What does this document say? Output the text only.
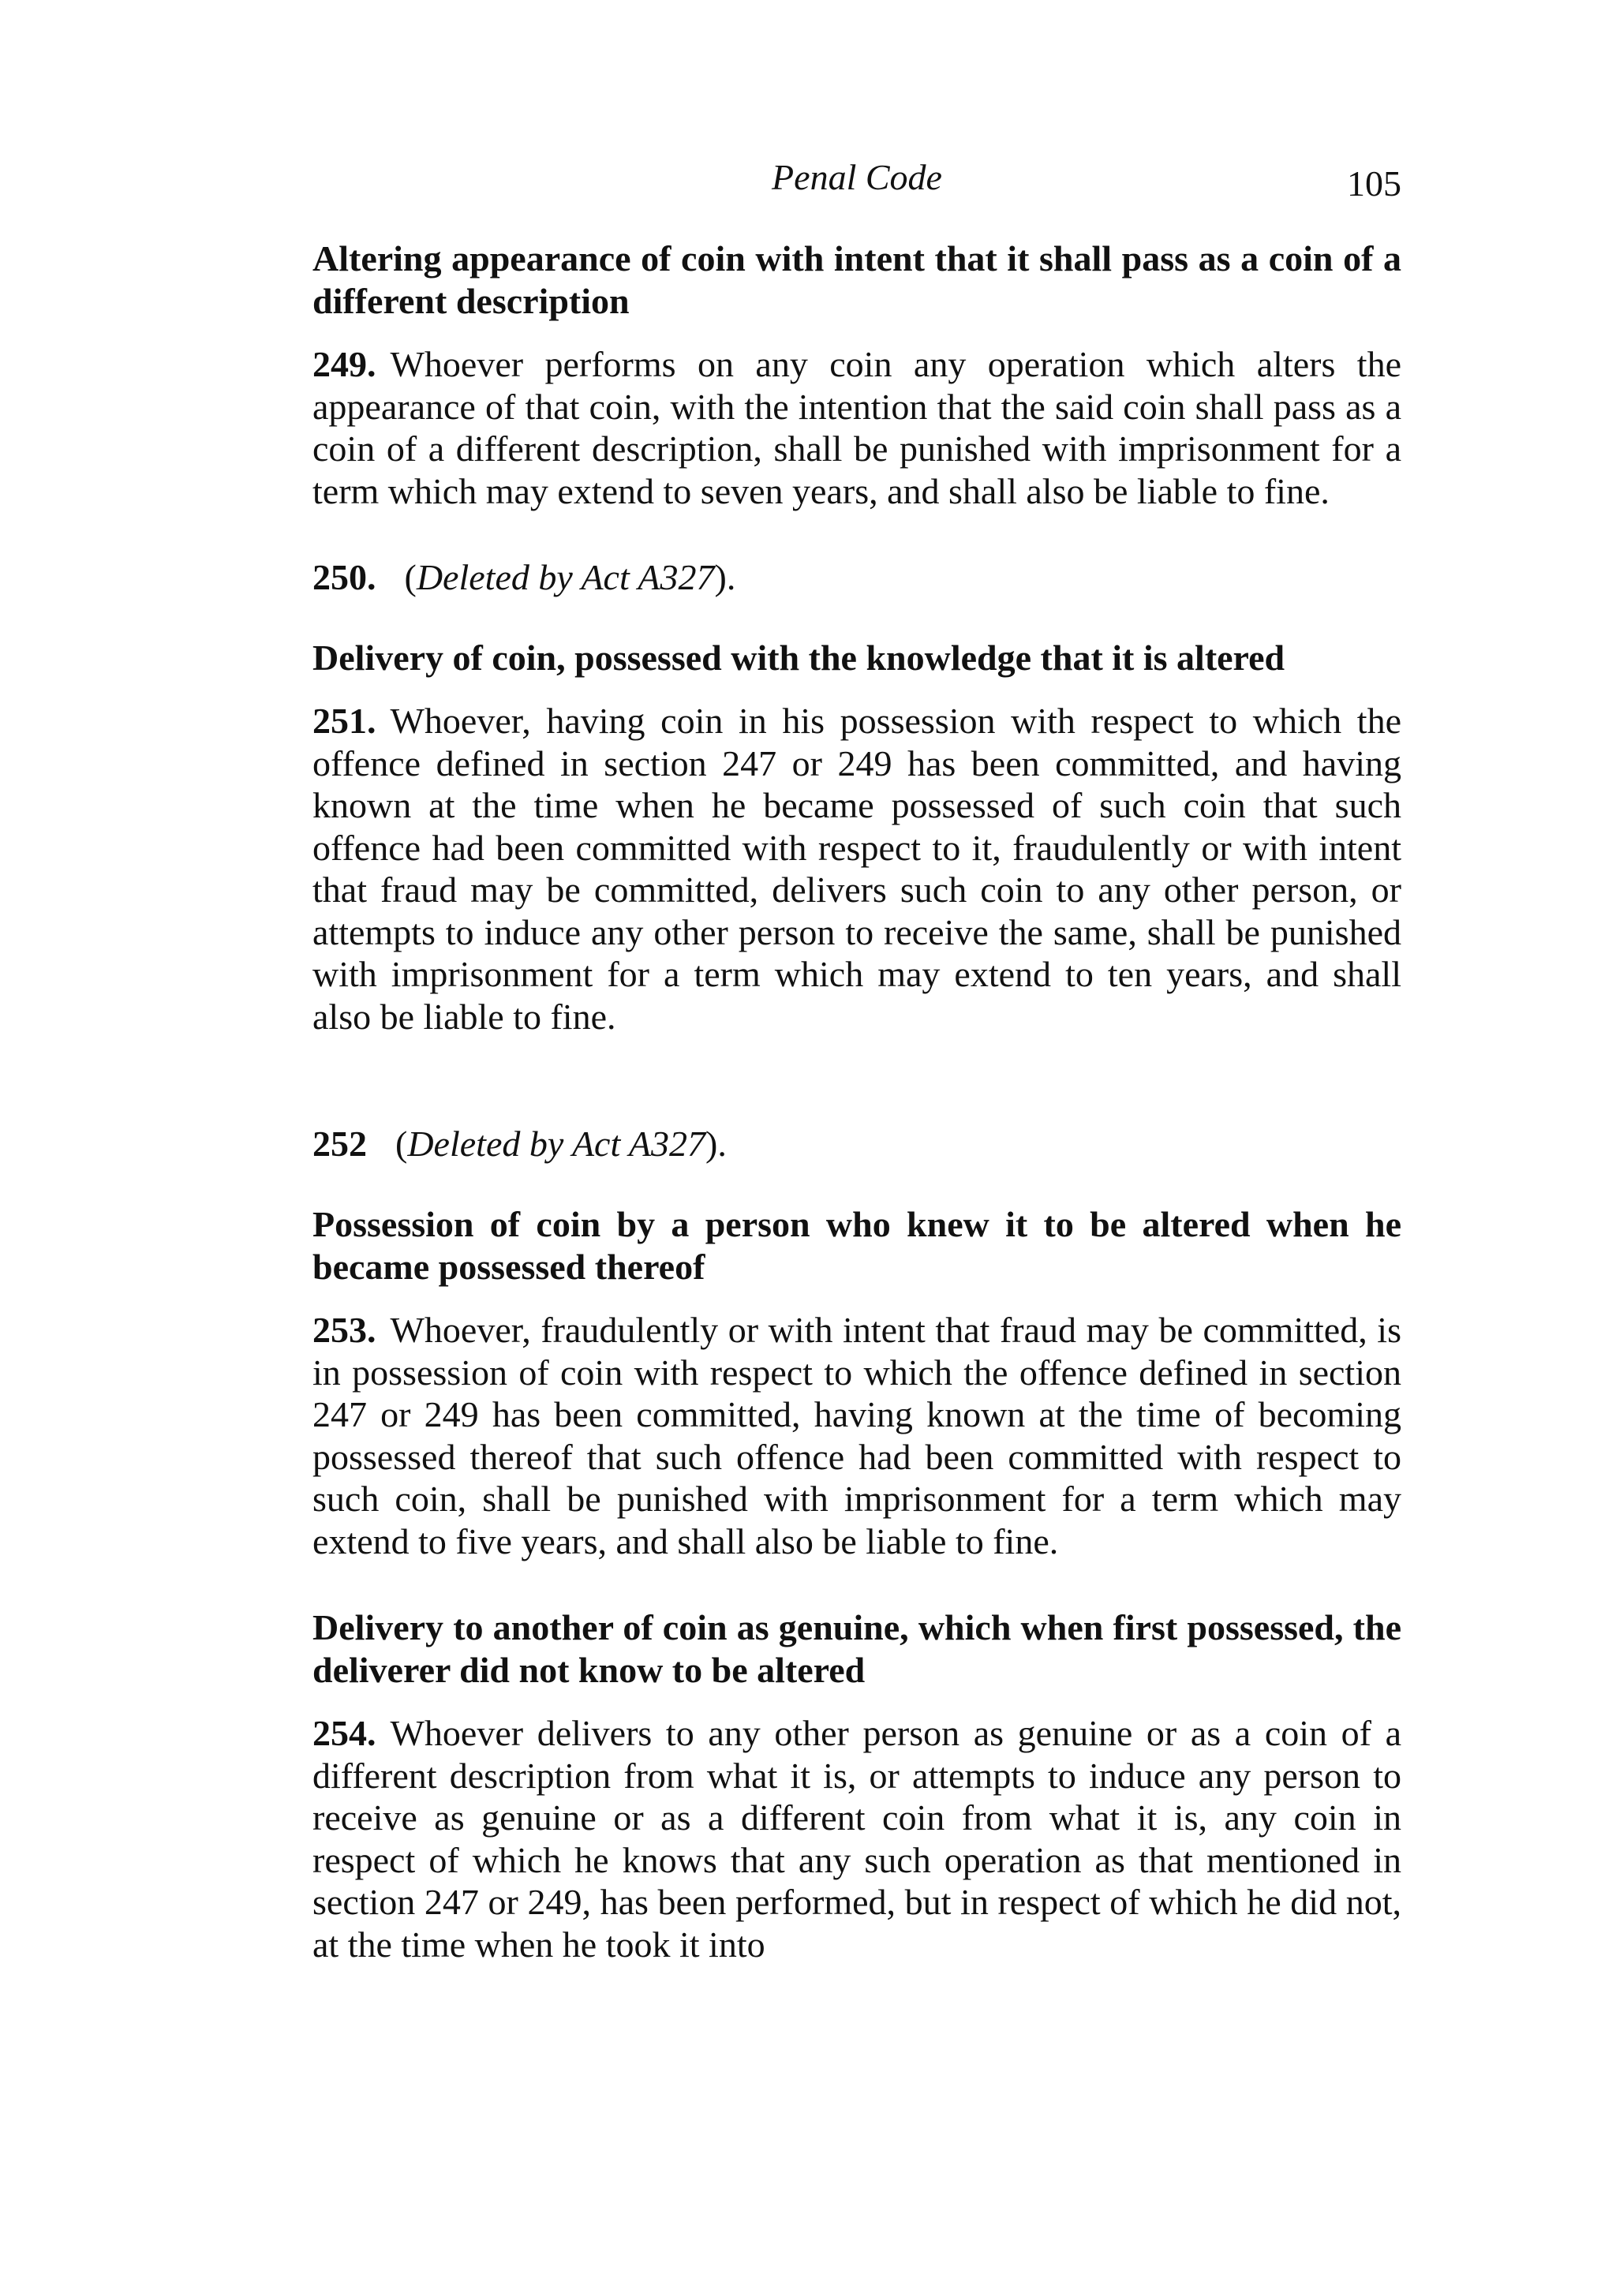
Penal Code	105
Altering appearance of coin with intent that it shall pass as a coin of a different description

249. Whoever performs on any coin any operation which alters the appearance of that coin, with the intention that the said coin shall pass as a coin of a different description, shall be punished with imprisonment for a term which may extend to seven years, and shall also be liable to fine.

250. (Deleted by Act A327).

Delivery of coin, possessed with the knowledge that it is altered

251. Whoever, having coin in his possession with respect to which the offence defined in section 247 or 249 has been committed, and having known at the time when he became possessed of such coin that such offence had been committed with respect to it, fraudulently or with intent that fraud may be committed, delivers such coin to any other person, or attempts to induce any other person to receive the same, shall be punished with imprisonment for a term which may extend to ten years, and shall also be liable to fine.

252 (Deleted by Act A327).

Possession of coin by a person who knew it to be altered when he became possessed thereof

253. Whoever, fraudulently or with intent that fraud may be committed, is in possession of coin with respect to which the offence defined in section 247 or 249 has been committed, having known at the time of becoming possessed thereof that such offence had been committed with respect to such coin, shall be punished with imprisonment for a term which may extend to five years, and shall also be liable to fine.

Delivery to another of coin as genuine, which when first possessed, the deliverer did not know to be altered

254. Whoever delivers to any other person as genuine or as a coin of a different description from what it is, or attempts to induce any person to receive as genuine or as a different coin from what it is, any coin in respect of which he knows that any such operation as that mentioned in section 247 or 249, has been performed, but in respect of which he did not, at the time when he took it into
